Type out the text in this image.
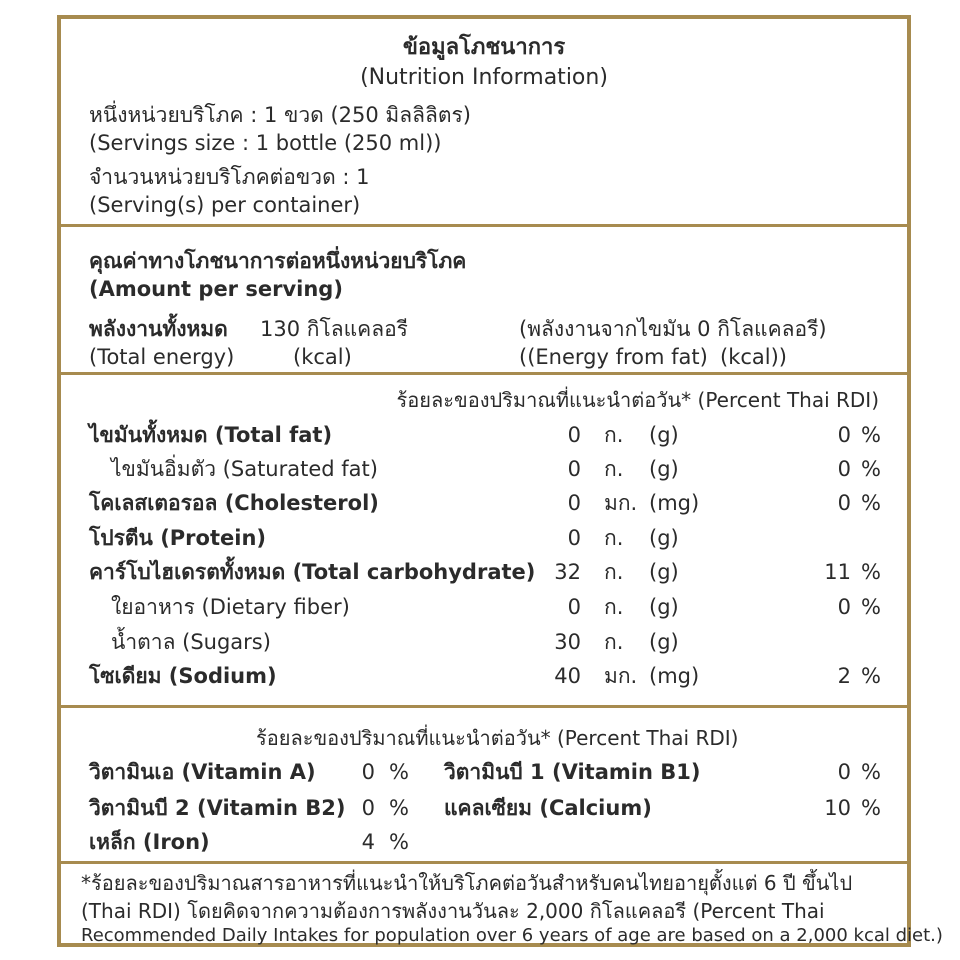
ข้อมูลโภชนาการ
(Nutrition Information)
หนึ่งหน่วยบริโภค : 1 ขวด (250 มิลลิลิตร)
(Servings size : 1 bottle (250 ml))
จำนวนหน่วยบริโภคต่อขวด : 1
(Serving(s) per container)
คุณค่าทางโภชนาการต่อหนึ่งหน่วยบริโภค
(Amount per serving)
พลังงานทั้งหมด 130 กิโลแคลอรี
(Total energy)	(kcal)
(พลังงานจากไขมัน 0 กิโลแคลอรี)
((Energy from fat) (kcal))
ร้อยละของปริมาณที่แนะนำต่อวัน* (Percent Thai RDI)
ไขมันทั้งหมด (Total fat)	0 ก. (g)	0 %
ไขมันอิ่มตัว (Saturated fat)	0 ก. (g)	0 %
โคเลสเตอรอล (Cholesterol)	0 มก. (mg)	0 %
โปรตีน (Protein)	0 ก. (g)
คาร์โบไฮเดรตทั้งหมด (Total carbohydrate) 32 ก. (g)	11 %
ใยอาหาร (Dietary fiber)	0 ก. (g)	0 %
น้ำตาล (Sugars)	30 ก. (g)
โซเดียม (Sodium)	40 มก. (mg)	2 %
ร้อยละของปริมาณที่แนะนำต่อวัน* (Percent Thai RDI)
วิตามินเอ (Vitamin A)	0 % วิตามินบี 1 (Vitamin B1)	0 %
วิตามินบี 2 (Vitamin B2) 0 % แคลเซียม (Calcium)	10 %
เหล็ก (Iron)	4 %
*ร้อยละของปริมาณสารอาหารที่แนะนำให้บริโภคต่อวันสำหรับคนไทยอายุตั้งแต่ 6 ปี ขึ้นไป
(Thai RDI) โดยคิดจากความต้องการพลังงานวันละ 2,000 กิโลแคลอรี (Percent Thai
Recommended Daily Intakes for population over 6 years of age are based on a 2,000 kcal diet.)
